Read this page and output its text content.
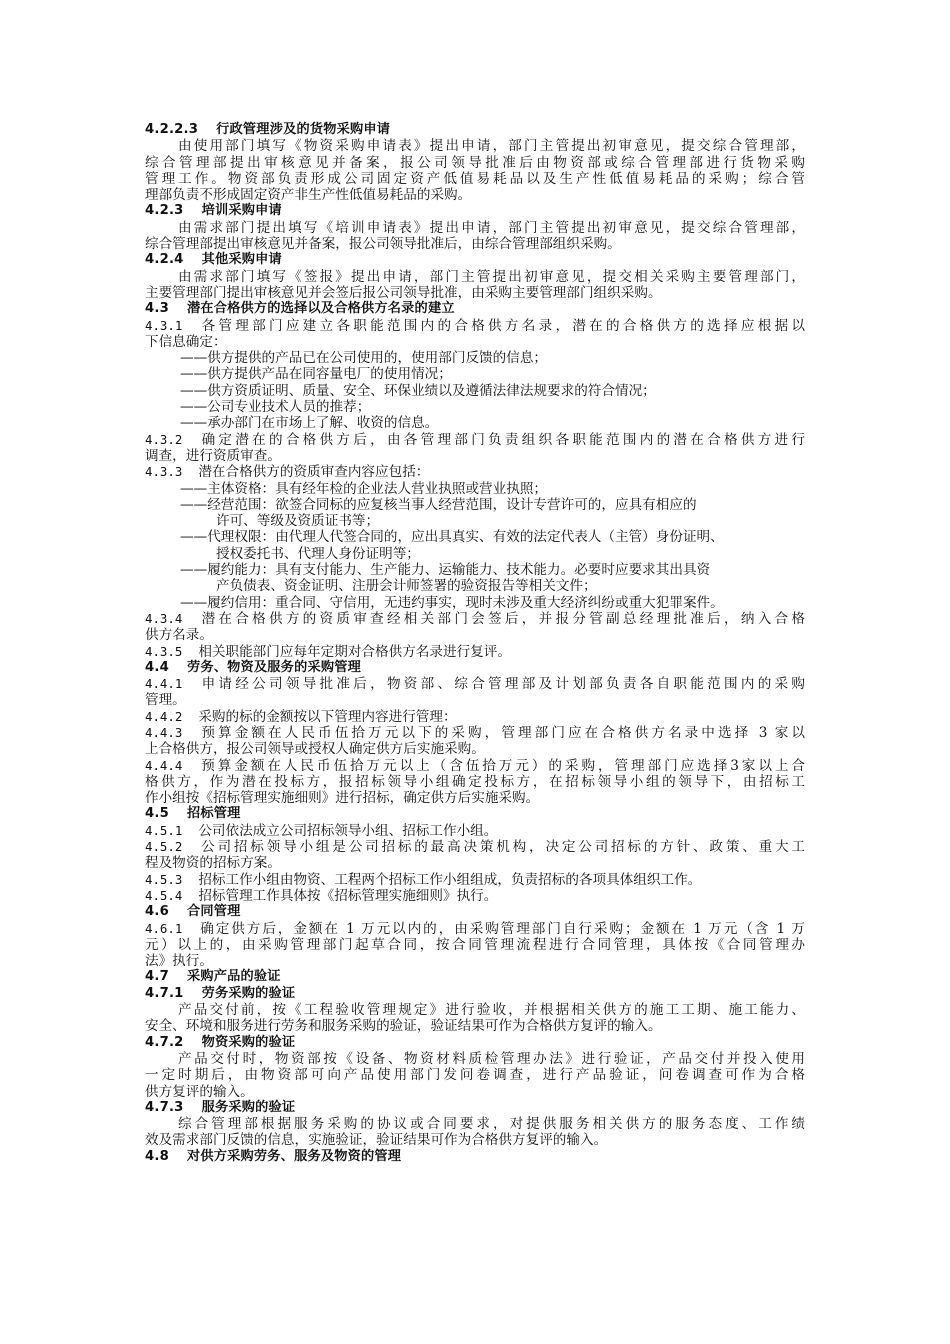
4.2.2.3 行政管理涉及的货物采购申请
由使用部门填写《物资采购申请表》提出申请，部门主管提出初审意见，提交综合管理部，
综合管理部提出审核意见并备案，报公司领导批准后由物资部或综合管理部进行货物采购
管理工作。物资部负责形成公司固定资产低值易耗品以及生产性低值易耗品的采购；综合管
理部负责不形成固定资产非生产性低值易耗品的采购。
4.2.3 培训采购申请
由需求部门提出填写《培训申请表》提出申请，部门主管提出初审意见，提交综合管理部，
综合管理部提出审核意见并备案，报公司领导批准后，由综合管理部组织采购。
4.2.4 其他采购申请
由需求部门填写《签报》提出申请，部门主管提出初审意见，提交相关采购主要管理部门，
主要管理部门提出审核意见并会签后报公司领导批准，由采购主要管理部门组织采购。
4.3 潜在合格供方的选择以及合格供方名录的建立
4.3.1 各管理部门应建立各职能范围内的合格供方名录，潜在的合格供方的选择应根据以
下信息确定：
——供方提供的产品已在公司使用的，使用部门反馈的信息；
——供方提供产品在同容量电厂的使用情况；
——供方资质证明、质量、安全、环保业绩以及遵循法律法规要求的符合情况；
——公司专业技术人员的推荐；
——承办部门在市场上了解、收资的信息。
4.3.2 确定潜在的合格供方后，由各管理部门负责组织各职能范围内的潜在合格供方进行
调查，进行资质审查。
4.3.3 潜在合格供方的资质审查内容应包括：
——主体资格：具有经年检的企业法人营业执照或营业执照；
——经营范围：欲签合同标的应复核当事人经营范围，设计专营许可的，应具有相应的
许可、等级及资质证书等；
——代理权限：由代理人代签合同的，应出具真实、有效的法定代表人（主管）身份证明、
授权委托书、代理人身份证明等；
——履约能力：具有支付能力、生产能力、运输能力、技术能力。必要时应要求其出具资
产负债表、资金证明、注册会计师签署的验资报告等相关文件；
——履约信用：重合同、守信用，无违约事实，现时未涉及重大经济纠纷或重大犯罪案件。
4.3.4 潜在合格供方的资质审查经相关部门会签后，并报分管副总经理批准后，纳入合格
供方名录。
4.3.5 相关职能部门应每年定期对合格供方名录进行复评。
4.4 劳务、物资及服务的采购管理
4.4.1 申请经公司领导批准后，物资部、综合管理部及计划部负责各自职能范围内的采购
管理。
4.4.2 采购的标的金额按以下管理内容进行管理：
4.4.3 预算金额在人民币伍拾万元以下的采购，管理部门应在合格供方名录中选择 3 家以
上合格供方，报公司领导或授权人确定供方后实施采购。
4.4.4 预算金额在人民币伍拾万元以上（含伍拾万元）的采购，管理部门应选择3家以上合
格供方，作为潜在投标方，报招标领导小组确定投标方，在招标领导小组的领导下，由招标工
作小组按《招标管理实施细则》进行招标，确定供方后实施采购。
4.5 招标管理
4.5.1 公司依法成立公司招标领导小组、招标工作小组。
4.5.2 公司招标领导小组是公司招标的最高决策机构，决定公司招标的方针、政策、重大工
程及物资的招标方案。
4.5.3 招标工作小组由物资、工程两个招标工作小组组成，负责招标的各项具体组织工作。
4.5.4 招标管理工作具体按《招标管理实施细则》执行。
4.6 合同管理
4.6.1 确定供方后，金额在 1 万元以内的，由采购管理部门自行采购；金额在 1 万元（含 1 万
元）以上的，由采购管理部门起草合同，按合同管理流程进行合同管理，具体按《合同管理办
法》执行。
4.7 采购产品的验证
4.7.1 劳务采购的验证
产品交付前，按《工程验收管理规定》进行验收，并根据相关供方的施工工期、施工能力、
安全、环境和服务进行劳务和服务采购的验证，验证结果可作为合格供方复评的输入。
4.7.2 物资采购的验证
产品交付时，物资部按《设备、物资材料质检管理办法》进行验证，产品交付并投入使用
一定时期后，由物资部可向产品使用部门发问卷调查，进行产品验证，问卷调查可作为合格
供方复评的输入。
4.7.3 服务采购的验证
综合管理部根据服务采购的协议或合同要求，对提供服务相关供方的服务态度、工作绩
效及需求部门反馈的信息，实施验证，验证结果可作为合格供方复评的输入。
4.8 对供方采购劳务、服务及物资的管理
